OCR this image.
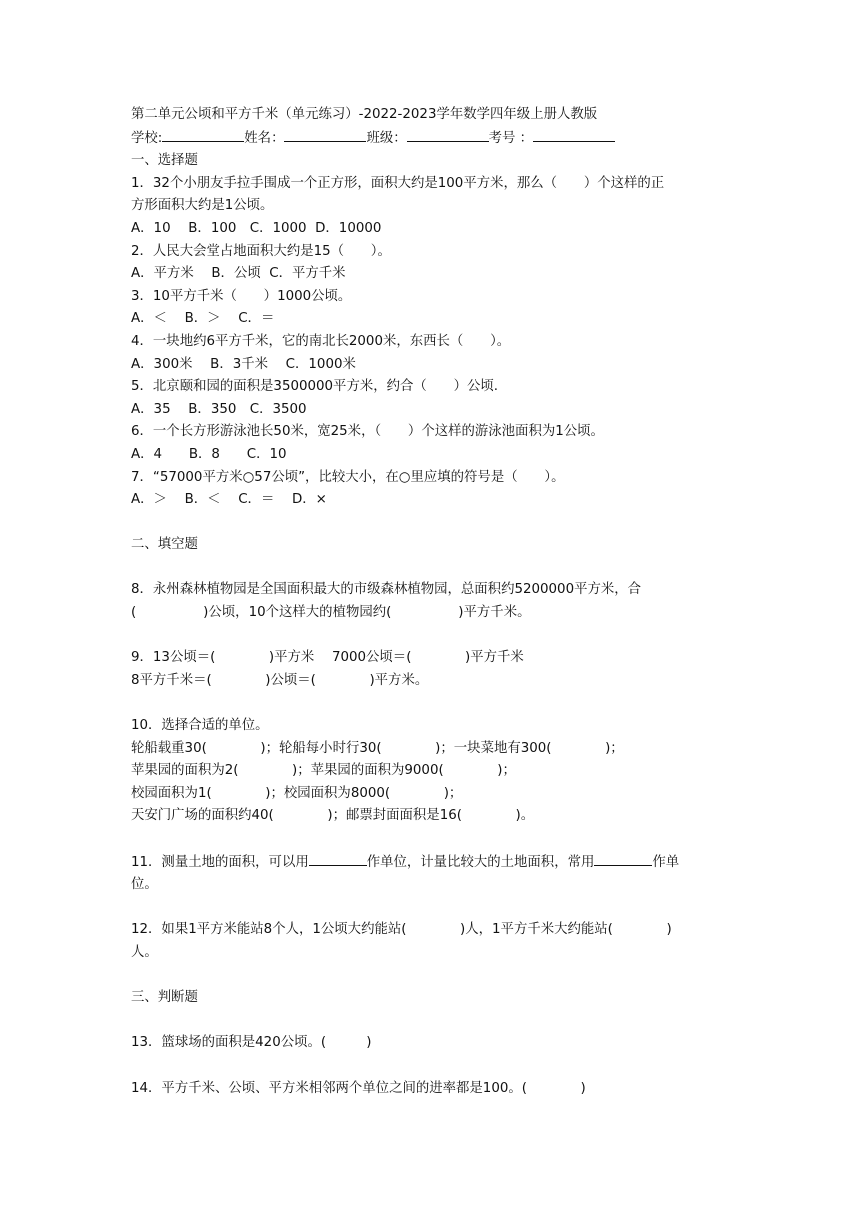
第二单元公顷和平方千米（单元练习）-2022-2023学年数学四年级上册人教版
学校:	姓名：	班级：	考号 ：
一、选择题
1．32个小朋友手拉手围成一个正方形，面积大约是100平方米，那么（　　）个这样的正
方形面积大约是1公顷。
A．10　 B．100　C．1000  D．10000
2．人民大会堂占地面积大约是15（　　）。
A．平方米　 B．公顷  C．平方千米
3．10平方千米（　　）1000公顷。
A．＜　 B．＞　 C．＝
4．一块地约6平方千米，它的南北长2000米，东西长（　　）。
A．300米　 B．3千米　 C．1000米
5．北京颐和园的面积是3500000平方米，约合（　　）公顷.
A．35　 B．350　C．3500
6．一个长方形游泳池长50米，宽25米，（　　）个这样的游泳池面积为1公顷。
A．4　　B．8　　C．10
7．“57000平方米○57公顷”，比较大小，在○里应填的符号是（　　）。
A．＞　 B．＜　 C．＝　 D．×
二、填空题
8．永州森林植物园是全国面积最大的市级森林植物园，总面积约5200000平方米，合
(　　　　　)公顷，10个这样大的植物园约(　　　　　)平方千米。
9．13公顷＝(　　　　)平方米　 7000公顷＝(　　　　)平方千米
8平方千米＝(　　　　)公顷＝(　　　　)平方米。
10．选择合适的单位。
轮船载重30(　　　　)；轮船每小时行30(　　　　)；一块菜地有300(　　　　)；
苹果园的面积为2(　　　　)；苹果园的面积为9000(　　　　)；
校园面积为1(　　　　)；校园面积为8000(　　　　)；
天安门广场的面积约40(　　　　)；邮票封面面积是16(　　　　)。
11．测量土地的面积，可以用	作单位，计量比较大的土地面积，常用	作单
位。
12．如果1平方米能站8个人，1公顷大约能站(　　　　)人，1平方千米大约能站(　　　　)
人。
三、判断题
13．篮球场的面积是420公顷。(　　　)
14．平方千米、公顷、平方米相邻两个单位之间的进率都是100。(　　　　)
